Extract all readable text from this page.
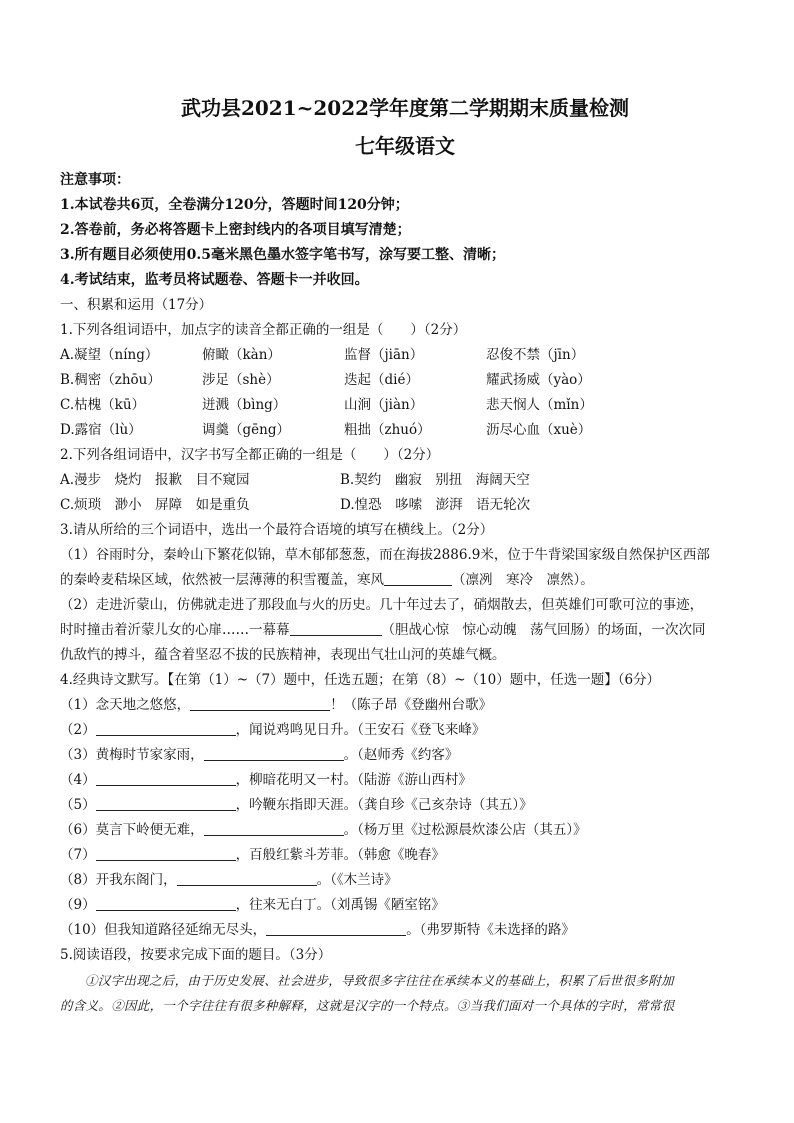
武功县2021~2022学年度第二学期期末质量检测
七年级语文
注意事项：
1.本试卷共6页，全卷满分120分，答题时间120分钟；
2.答卷前，务必将答题卡上密封线内的各项目填写清楚；
3.所有题目必须使用0.5毫米黑色墨水签字笔书写，涂写要工整、清晰；
4.考试结束，监考员将试题卷、答题卡一并收回。
一、积累和运用（17分）
1.下列各组词语中，加点字的读音全都正确的一组是（　　）（2分）
A.凝望（níng）	俯瞰（kàn）	监督（jiān）	忍俊不禁（jīn）
B.稠密（zhōu）	涉足（shè）	迭起（dié）	耀武扬威（yào）
C.枯槐（kū）	迸溅（bìng）	山涧（jiàn）	悲天悯人（mǐn）
D.露宿（lù）	调羹（gēng）	粗拙（zhuó）	沥尽心血（xuè）
2.下列各组词语中，汉字书写全都正确的一组是（　　）（2分）
A.漫步　烧灼　报歉　目不窥园	B.契约　幽寂　别扭　海阔天空
C.烦琐　渺小　屏障　如是重负	D.惶恐　哆嗦　澎湃　语无轮次
3.请从所给的三个词语中，选出一个最符合语境的填写在横线上。（2分）
（1）谷雨时分，秦岭山下繁花似锦，草木郁郁葱葱，而在海拔2886.9米，位于牛背梁国家级自然保护区西部
的秦岭麦秸垛区域，依然被一层薄薄的积雪覆盖，寒风	（凛冽　寒冷　凛然）。
（2）走进沂蒙山，仿佛就走进了那段血与火的历史。几十年过去了，硝烟散去，但英雄们可歌可泣的事迹，
时时撞击着沂蒙儿女的心扉……一幕幕	（胆战心惊　惊心动魄　荡气回肠）的场面，一次次同
仇敌忾的搏斗，蕴含着坚忍不拔的民族精神，表现出气壮山河的英雄气概。
4.经典诗文默写。【在第（1）~（7）题中，任选五题；在第（8）~（10）题中，任选一题】（6分）
（1）念天地之悠悠，	！（陈子昂《登幽州台歌》
（2）	，闻说鸡鸣见日升。（王安石《登飞来峰》
（3）黄梅时节家家雨，	。（赵师秀《约客》
（4）	，柳暗花明又一村。（陆游《游山西村》
（5）	，吟鞭东指即天涯。（龚自珍《己亥杂诗（其五）》
（6）莫言下岭便无难，	。（杨万里《过松源晨炊漆公店（其五）》
（7）	，百般红紫斗芳菲。（韩愈《晚春》
（8）开我东阁门，	。（《木兰诗》
（9）	，往来无白丁。（刘禹锡《陋室铭》
（10）但我知道路径延绵无尽头，	。（弗罗斯特《未选择的路》
5.阅读语段，按要求完成下面的题目。（3分）
①汉字出现之后，由于历史发展、社会进步，导致很多字往往在承续本义的基础上，积累了后世很多附加
的含义。②因此，一个字往往有很多种解释，这就是汉字的一个特点。③当我们面对一个具体的字时，常常很
